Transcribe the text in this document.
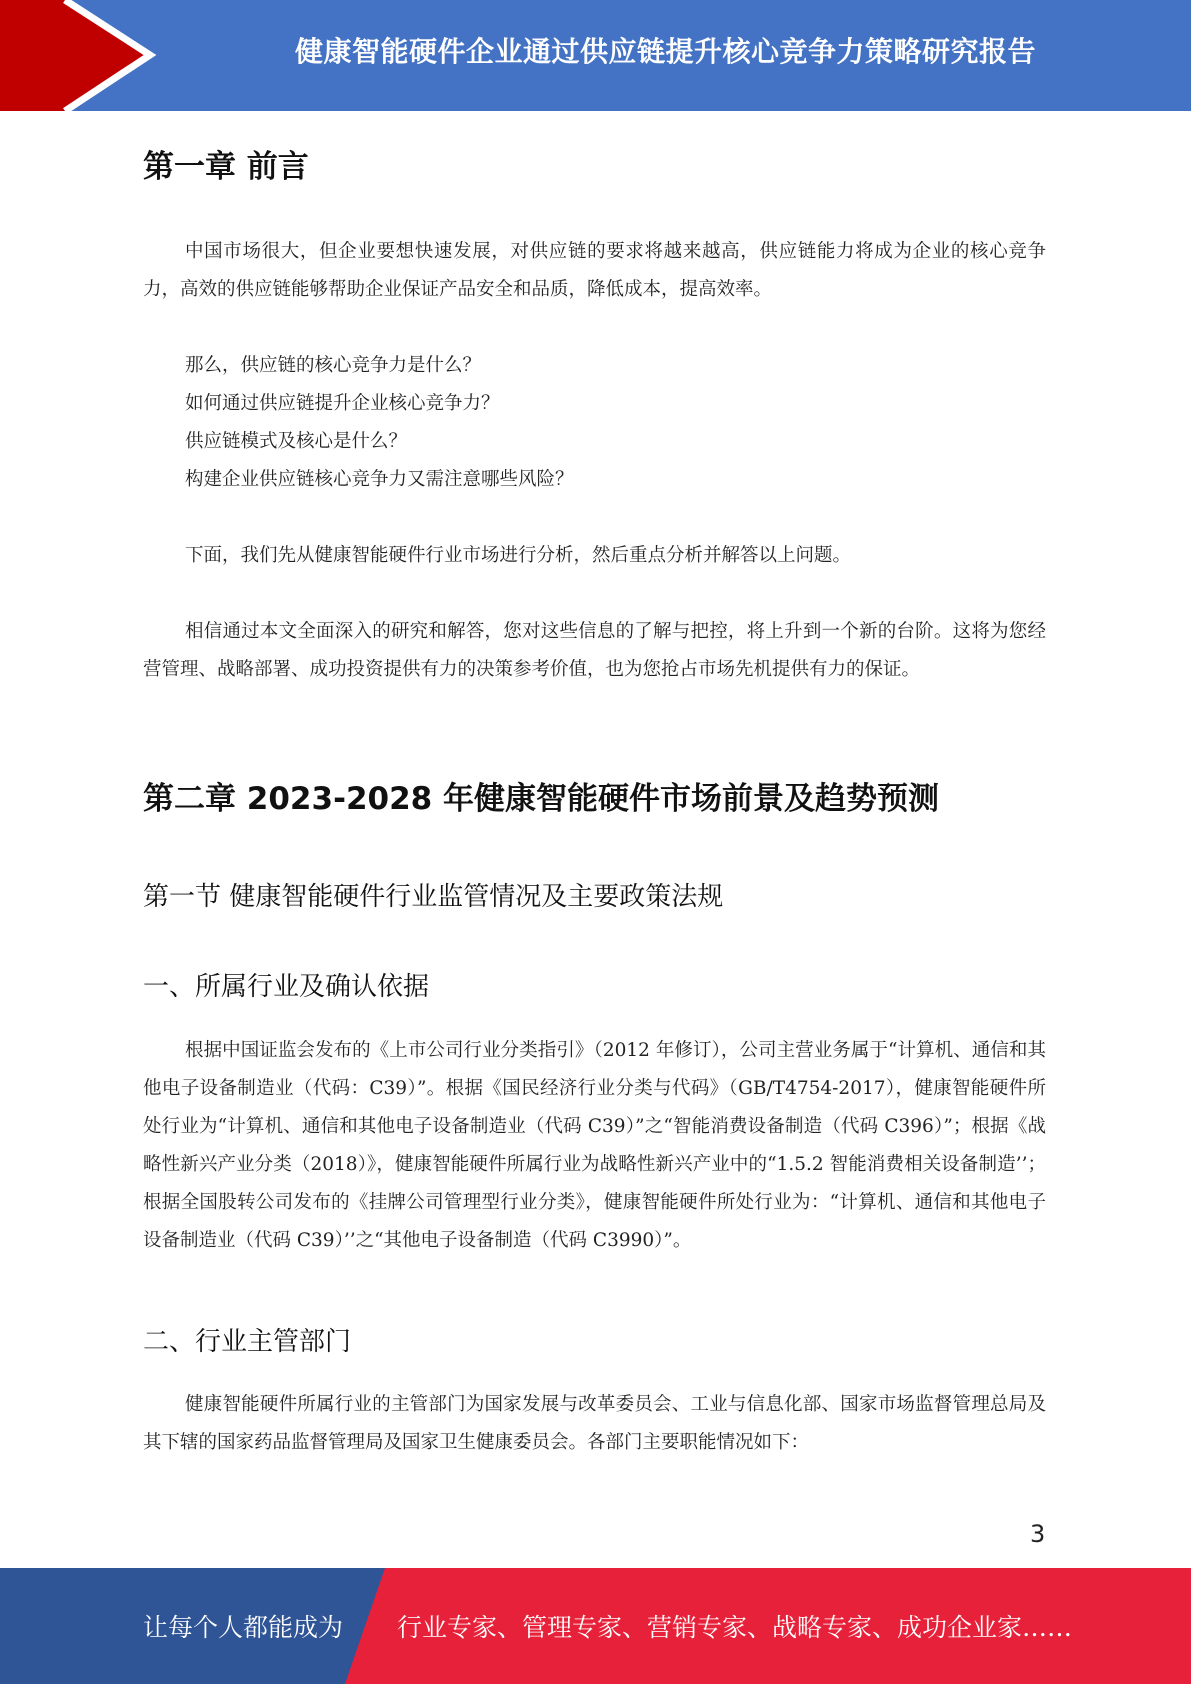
健康智能硬件企业通过供应链提升核心竞争力策略研究报告
第一章 前言

中国市场很大，但企业要想快速发展，对供应链的要求将越来越高，供应链能力将成为企业的核心竞争力，高效的供应链能够帮助企业保证产品安全和品质，降低成本，提高效率。

那么，供应链的核心竞争力是什么？

如何通过供应链提升企业核心竞争力？

供应链模式及核心是什么？

构建企业供应链核心竞争力又需注意哪些风险？

下面，我们先从健康智能硬件行业市场进行分析，然后重点分析并解答以上问题。

相信通过本文全面深入的研究和解答，您对这些信息的了解与把控，将上升到一个新的台阶。这将为您经营管理、战略部署、成功投资提供有力的决策参考价值，也为您抢占市场先机提供有力的保证。

第二章 2023-2028 年健康智能硬件市场前景及趋势预测
第一节 健康智能硬件行业监管情况及主要政策法规
一、所属行业及确认依据

根据中国证监会发布的《上市公司行业分类指引》（2012 年修订），公司主营业务属于“计算机、通信和其他电子设备制造业（代码：C39）”。根据《国民经济行业分类与代码》（GB/T4754-2017），健康智能硬件所处行业为“计算机、通信和其他电子设备制造业（代码 C39）”之“智能消费设备制造（代码 C396）”；根据《战略性新兴产业分类（2018）》，健康智能硬件所属行业为战略性新兴产业中的“1.5.2 智能消费相关设备制造’’；根据全国股转公司发布的《挂牌公司管理型行业分类》，健康智能硬件所处行业为：“计算机、通信和其他电子设备制造业（代码 C39）’’之“其他电子设备制造（代码 C3990）”。

二、行业主管部门

健康智能硬件所属行业的主管部门为国家发展与改革委员会、工业与信息化部、国家市场监督管理总局及其下辖的国家药品监督管理局及国家卫生健康委员会。各部门主要职能情况如下：

3
让每个人都能成为 行业专家、管理专家、营销专家、战略专家、成功企业家……
